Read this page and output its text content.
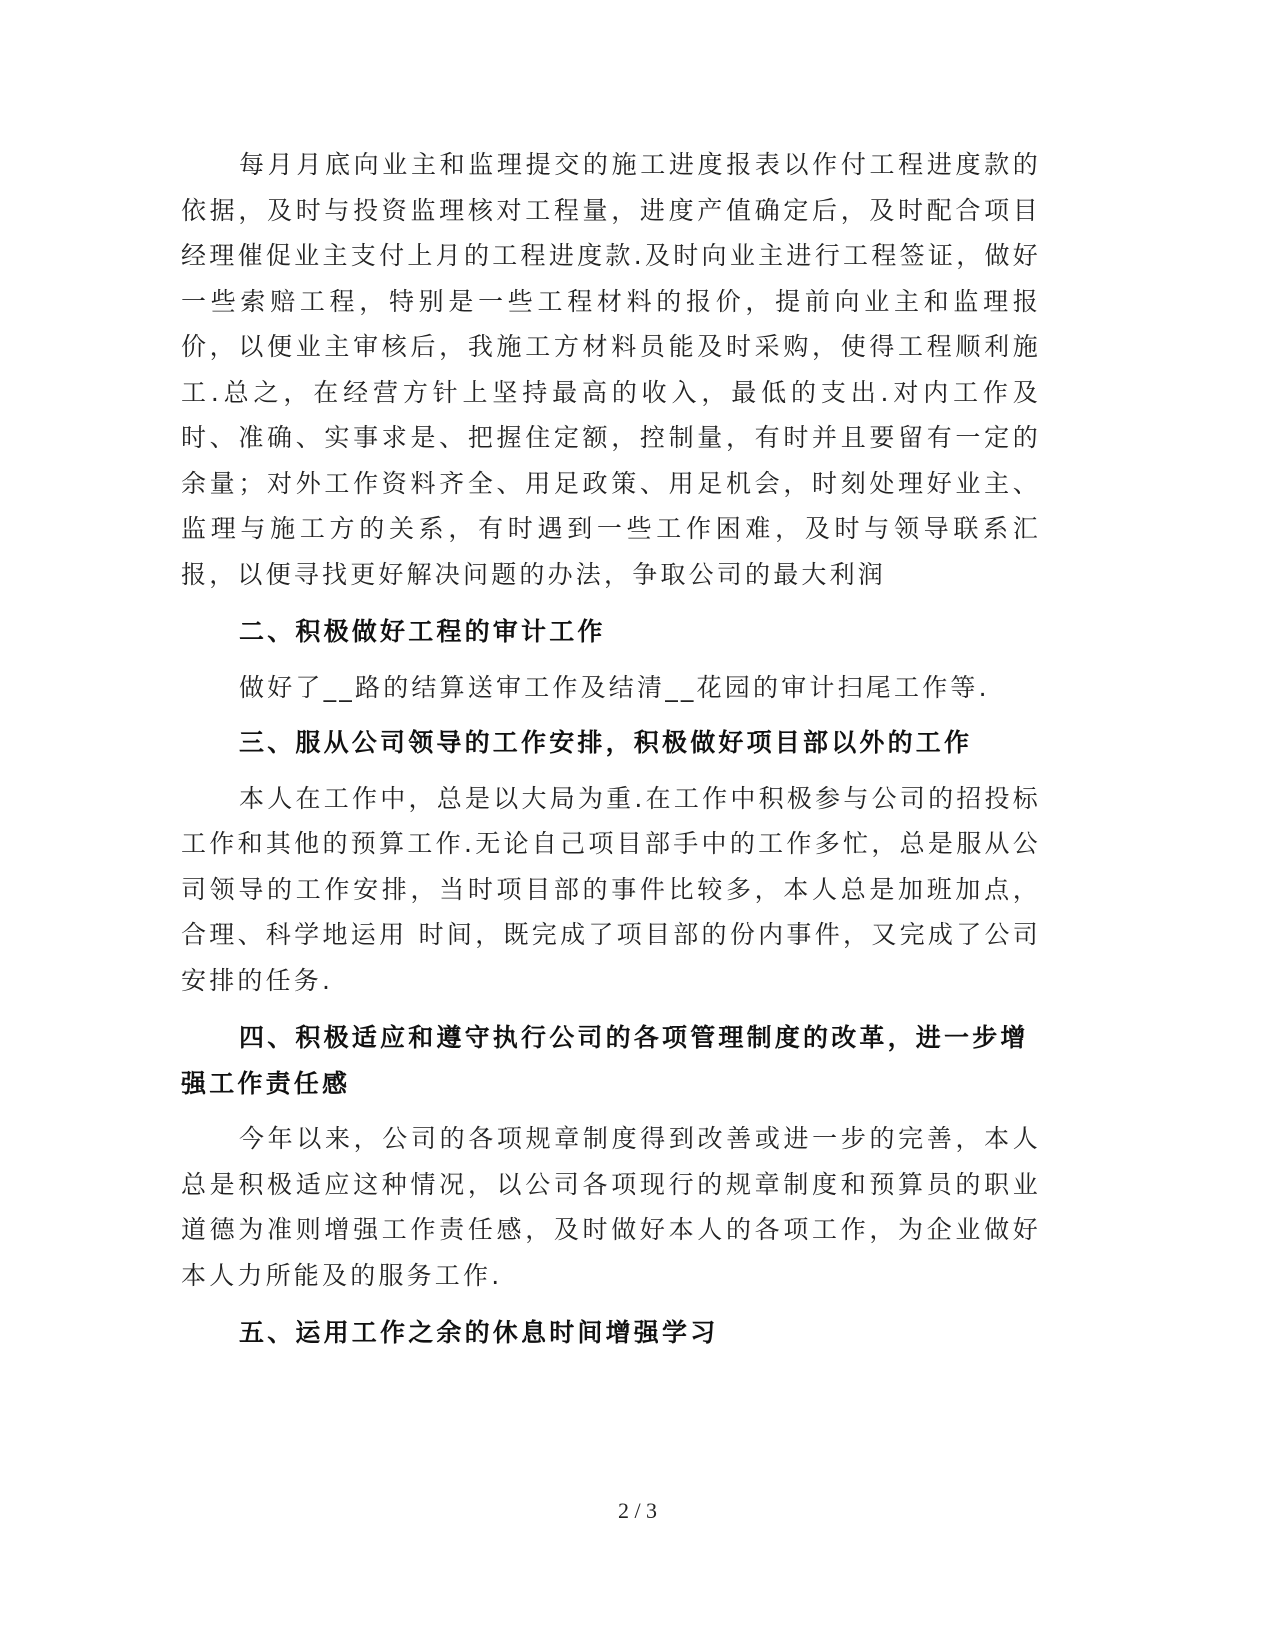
每月月底向业主和监理提交的施工进度报表以作付工程进度款的依据，及时与投资监理核对工程量，进度产值确定后，及时配合项目经理催促业主支付上月的工程进度款.及时向业主进行工程签证，做好一些索赔工程，特别是一些工程材料的报价，提前向业主和监理报价，以便业主审核后，我施工方材料员能及时采购，使得工程顺利施工.总之，在经营方针上坚持最高的收入，最低的支出.对内工作及时、准确、实事求是、把握住定额，控制量，有时并且要留有一定的余量；对外工作资料齐全、用足政策、用足机会，时刻处理好业主、监理与施工方的关系，有时遇到一些工作困难，及时与领导联系汇报，以便寻找更好解决问题的办法，争取公司的最大利润

二、积极做好工程的审计工作

做好了__路的结算送审工作及结清__花园的审计扫尾工作等.

三、服从公司领导的工作安排，积极做好项目部以外的工作

本人在工作中，总是以大局为重.在工作中积极参与公司的招投标工作和其他的预算工作.无论自己项目部手中的工作多忙，总是服从公司领导的工作安排，当时项目部的事件比较多，本人总是加班加点，合理、科学地运用 时间，既完成了项目部的份内事件，又完成了公司安排的任务.

四、积极适应和遵守执行公司的各项管理制度的改革，进一步增强工作责任感

今年以来，公司的各项规章制度得到改善或进一步的完善，本人总是积极适应这种情况，以公司各项现行的规章制度和预算员的职业道德为准则增强工作责任感，及时做好本人的各项工作，为企业做好本人力所能及的服务工作.

五、运用工作之余的休息时间增强学习

2 / 3
